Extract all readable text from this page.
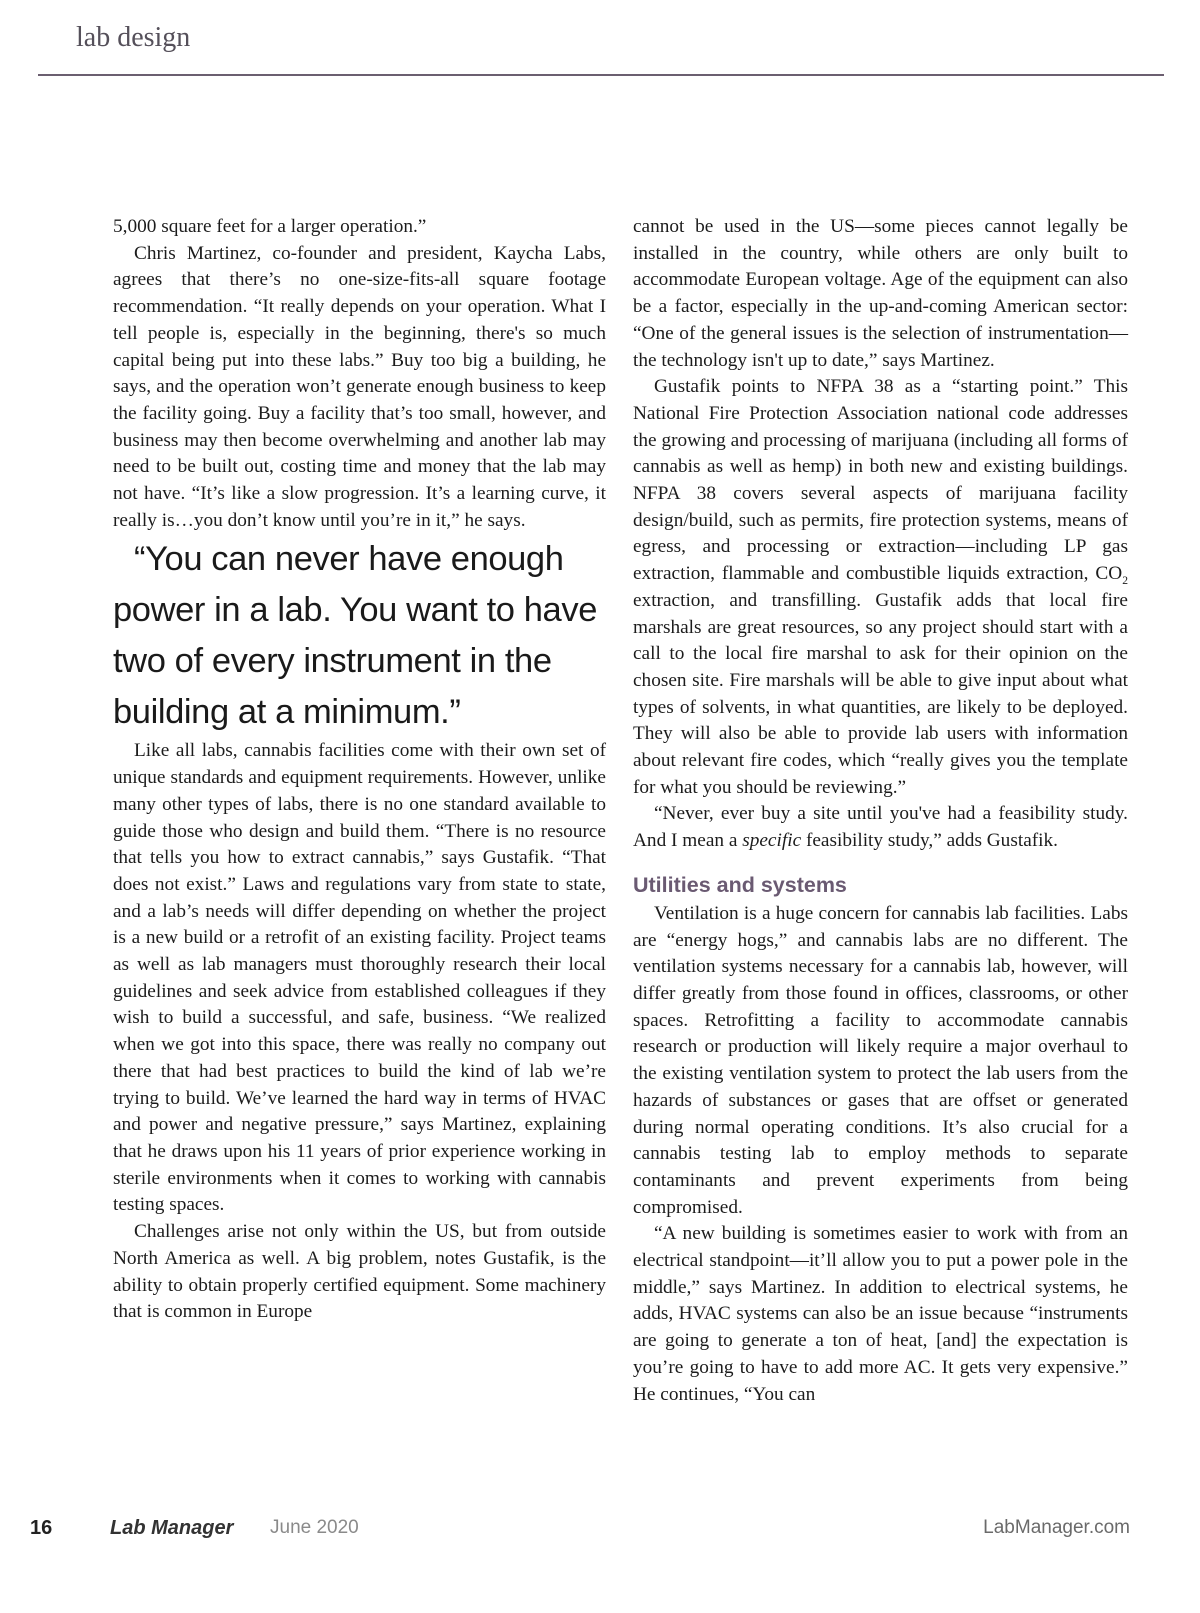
lab design

5,000 square feet for a larger operation.”

Chris Martinez, co-founder and president, Kaycha Labs, agrees that there’s no one-size-fits-all square footage recommendation. “It really depends on your operation. What I tell people is, especially in the beginning, there's so much capital being put into these labs.” Buy too big a building, he says, and the operation won’t generate enough business to keep the facility going. Buy a facility that’s too small, however, and business may then become overwhelming and another lab may need to be built out, costing time and money that the lab may not have. “It’s like a slow progression. It’s a learning curve, it really is…you don’t know until you’re in it,” he says.

“You can never have enough power in a lab. You want to have two of every instrument in the building at a minimum.”

Like all labs, cannabis facilities come with their own set of unique standards and equipment requirements. However, unlike many other types of labs, there is no one standard available to guide those who design and build them. “There is no resource that tells you how to extract cannabis,” says Gustafik. “That does not exist.” Laws and regulations vary from state to state, and a lab’s needs will differ depending on whether the project is a new build or a retrofit of an existing facility. Project teams as well as lab managers must thoroughly research their local guidelines and seek advice from established colleagues if they wish to build a successful, and safe, business. “We realized when we got into this space, there was really no company out there that had best practices to build the kind of lab we’re trying to build. We’ve learned the hard way in terms of HVAC and power and negative pressure,” says Martinez, explaining that he draws upon his 11 years of prior experience working in sterile environments when it comes to working with cannabis testing spaces.

Challenges arise not only within the US, but from outside North America as well. A big problem, notes Gustafik, is the ability to obtain properly certified equipment. Some machinery that is common in Europe

cannot be used in the US—some pieces cannot legally be installed in the country, while others are only built to accommodate European voltage. Age of the equipment can also be a factor, especially in the up-and-coming American sector: “One of the general issues is the selection of instrumentation—the technology isn't up to date,” says Martinez.

Gustafik points to NFPA 38 as a “starting point.” This National Fire Protection Association national code addresses the growing and processing of marijuana (including all forms of cannabis as well as hemp) in both new and existing buildings. NFPA 38 covers several aspects of marijuana facility design/build, such as permits, fire protection systems, means of egress, and processing or extraction—including LP gas extraction, flammable and combustible liquids extraction, $CO_2$ extraction, and transfilling. Gustafik adds that local fire marshals are great resources, so any project should start with a call to the local fire marshal to ask for their opinion on the chosen site. Fire marshals will be able to give input about what types of solvents, in what quantities, are likely to be deployed. They will also be able to provide lab users with information about relevant fire codes, which “really gives you the template for what you should be reviewing.”

“Never, ever buy a site until you've had a feasibility study. And I mean a specific feasibility study,” adds Gustafik.

Utilities and systems

Ventilation is a huge concern for cannabis lab facilities. Labs are “energy hogs,” and cannabis labs are no different. The ventilation systems necessary for a cannabis lab, however, will differ greatly from those found in offices, classrooms, or other spaces. Retrofitting a facility to accommodate cannabis research or production will likely require a major overhaul to the existing ventilation system to protect the lab users from the hazards of substances or gases that are offset or generated during normal operating conditions. It’s also crucial for a cannabis testing lab to employ methods to separate contaminants and prevent experiments from being compromised.

“A new building is sometimes easier to work with from an electrical standpoint—it’ll allow you to put a power pole in the middle,” says Martinez. In addition to electrical systems, he adds, HVAC systems can also be an issue because “instruments are going to generate a ton of heat, [and] the expectation is you’re going to have to add more AC. It gets very expensive.” He continues, “You can

16	Lab Manager June 2020	LabManager.com
